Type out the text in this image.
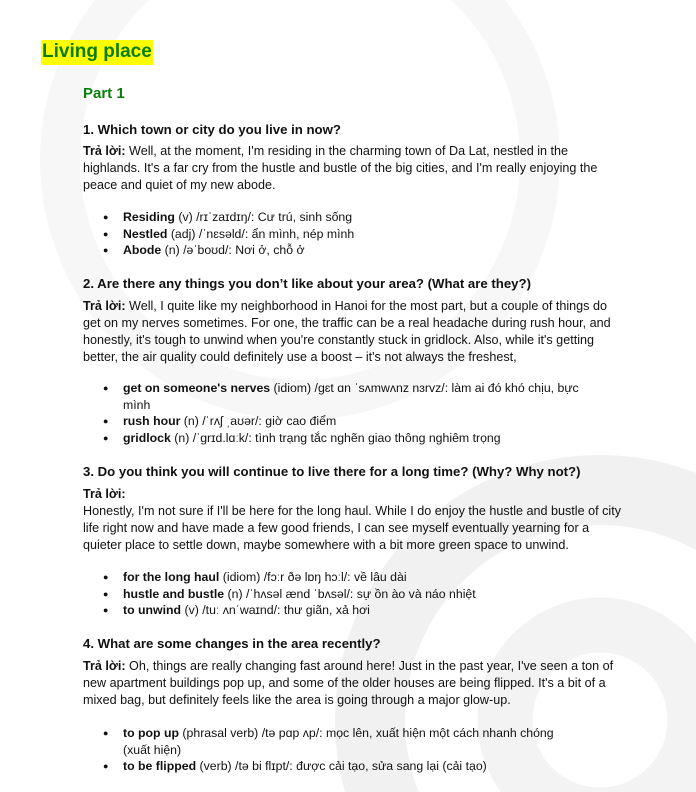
Living place
Part 1
1. Which town or city do you live in now?
Trả lời: Well, at the moment, I'm residing in the charming town of Da Lat, nestled in the highlands. It's a far cry from the hustle and bustle of the big cities, and I'm really enjoying the peace and quiet of my new abode.
● Residing (v) /rɪˈzaɪdɪŋ/: Cư trú, sinh sống
● Nestled (adj) /ˈnɛsəld/: ẩn mình, nép mình
● Abode (n) /əˈboʊd/: Nơi ở, chỗ ở
2. Are there any things you don’t like about your area? (What are they?)
Trả lời: Well, I quite like my neighborhood in Hanoi for the most part, but a couple of things do get on my nerves sometimes. For one, the traffic can be a real headache during rush hour, and honestly, it's tough to unwind when you're constantly stuck in gridlock. Also, while it's getting better, the air quality could definitely use a boost – it's not always the freshest,
● get on someone's nerves (idiom) /gɛt ɑn ˈsʌmwʌnz nɜrvz/: làm ai đó khó chịu, bực mình
● rush hour (n) /ˈrʌʃ ˌaʊər/: giờ cao điểm
● gridlock (n) /ˈgrɪd.lɑːk/: tình trạng tắc nghẽn giao thông nghiêm trọng
3. Do you think you will continue to live there for a long time? (Why? Why not?)
Trả lời:
Honestly, I'm not sure if I'll be here for the long haul. While I do enjoy the hustle and bustle of city life right now and have made a few good friends, I can see myself eventually yearning for a quieter place to settle down, maybe somewhere with a bit more green space to unwind.
● for the long haul (idiom) /fɔːr ðə lɒŋ hɔːl/: về lâu dài
● hustle and bustle (n) /ˈhʌsəl ænd ˈbʌsəl/: sự ồn ào và náo nhiệt
● to unwind (v) /tuː ʌnˈwaɪnd/: thư giãn, xả hơi
4. What are some changes in the area recently?
Trả lời: Oh, things are really changing fast around here! Just in the past year, I've seen a ton of new apartment buildings pop up, and some of the older houses are being flipped. It's a bit of a mixed bag, but definitely feels like the area is going through a major glow-up.
● to pop up (phrasal verb) /tə pɑp ʌp/: mọc lên, xuất hiện một cách nhanh chóng (xuất hiện)
● to be flipped (verb) /tə bi flɪpt/: được cải tạo, sửa sang lại (cải tạo)
